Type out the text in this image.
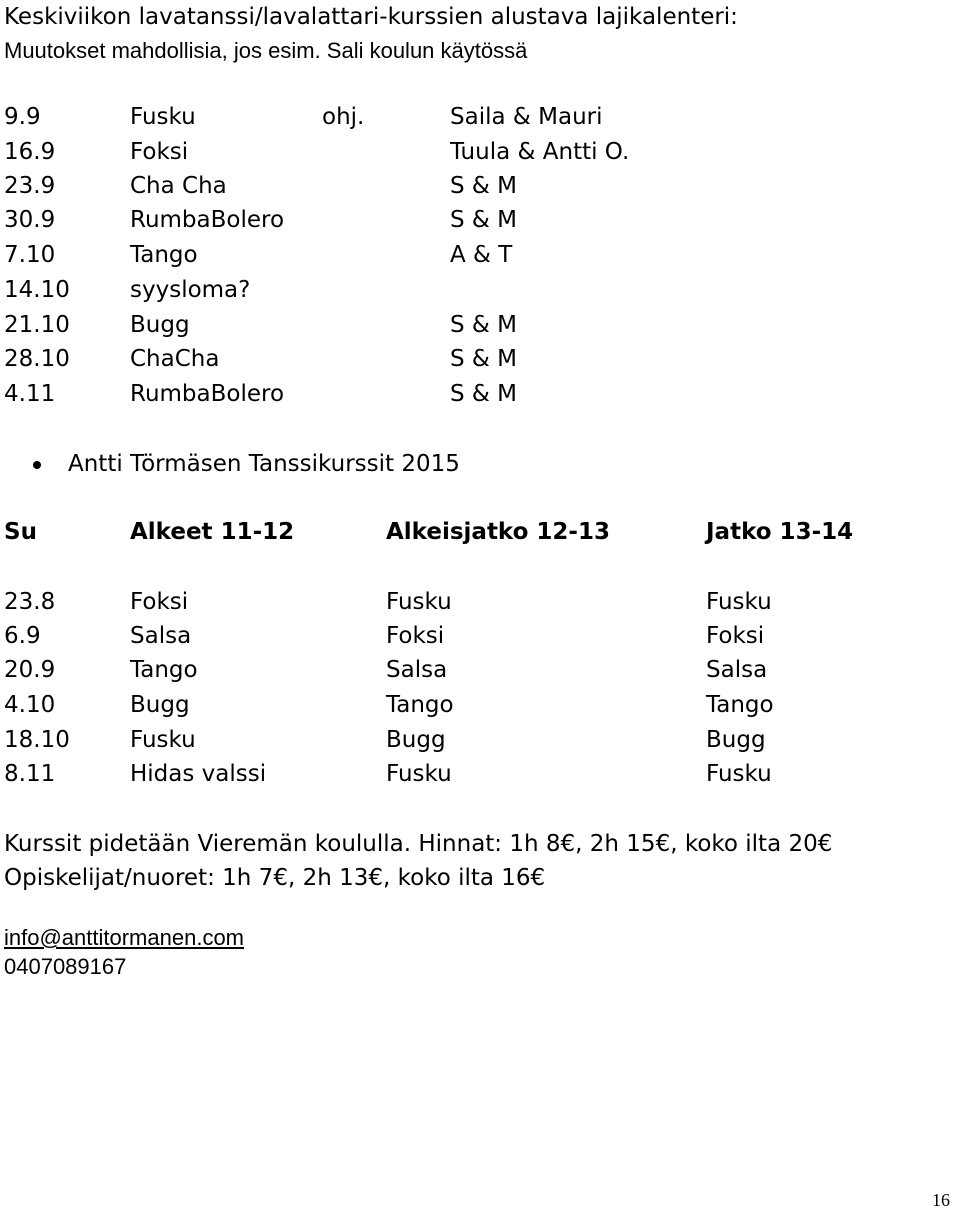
Keskiviikon lavatanssi/lavalattari-kurssien alustava lajikalenteri:
Muutokset mahdollisia, jos esim. Sali koulun käytössä
9.9	Fusku	ohj.	Saila & Mauri
16.9	Foksi	Tuula & Antti O.
23.9	Cha Cha	S & M
30.9	RumbaBolero	S & M
7.10	Tango	A & T
14.10	syysloma?
21.10	Bugg	S & M
28.10	ChaCha	S & M
4.11	RumbaBolero	S & M
Antti Törmäsen Tanssikurssit 2015
Su	Alkeet 11-12	Alkeisjatko 12-13	Jatko 13-14
23.8	Foksi	Fusku	Fusku
6.9	Salsa	Foksi	Foksi
20.9	Tango	Salsa	Salsa
4.10	Bugg	Tango	Tango
18.10	Fusku	Bugg	Bugg
8.11	Hidas valssi	Fusku	Fusku
Kurssit pidetään Vieremän koululla. Hinnat: 1h 8€, 2h 15€, koko ilta 20€
Opiskelijat/nuoret: 1h 7€, 2h 13€, koko ilta 16€
info@anttitormanen.com
0407089167
16
